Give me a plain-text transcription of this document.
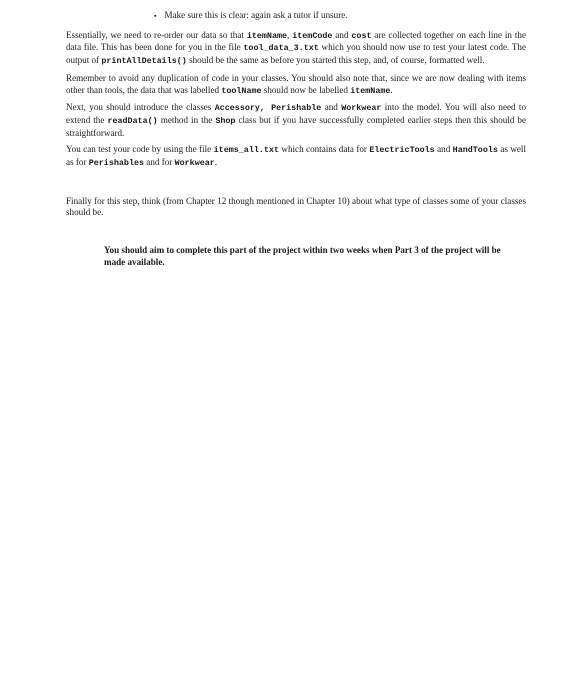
▪ Make sure this is clear: again ask a tutor if unsure.

Essentially, we need to re-order our data so that itemName, itemCode and cost are collected together on each line in the data file. This has been done for you in the file tool_data_3.txt which you should now use to test your latest code. The output of printAllDetails() should be the same as before you started this step, and, of course, formatted well.

Remember to avoid any duplication of code in your classes. You should also note that, since we are now dealing with items other than tools, the data that was labelled toolName should now be labelled itemName.

Next, you should introduce the classes Accessory, Perishable and Workwear into the model. You will also need to extend the readData() method in the Shop class but if you have successfully completed earlier steps then this should be straightforward.

You can test your code by using the file items_all.txt which contains data for ElectricTools and HandTools as well as for Perishables and for Workwear.

Finally for this step, think (from Chapter 12 though mentioned in Chapter 10) about what type of classes some of your classes should be.

You should aim to complete this part of the project within two weeks when Part 3 of the project will be made available.
